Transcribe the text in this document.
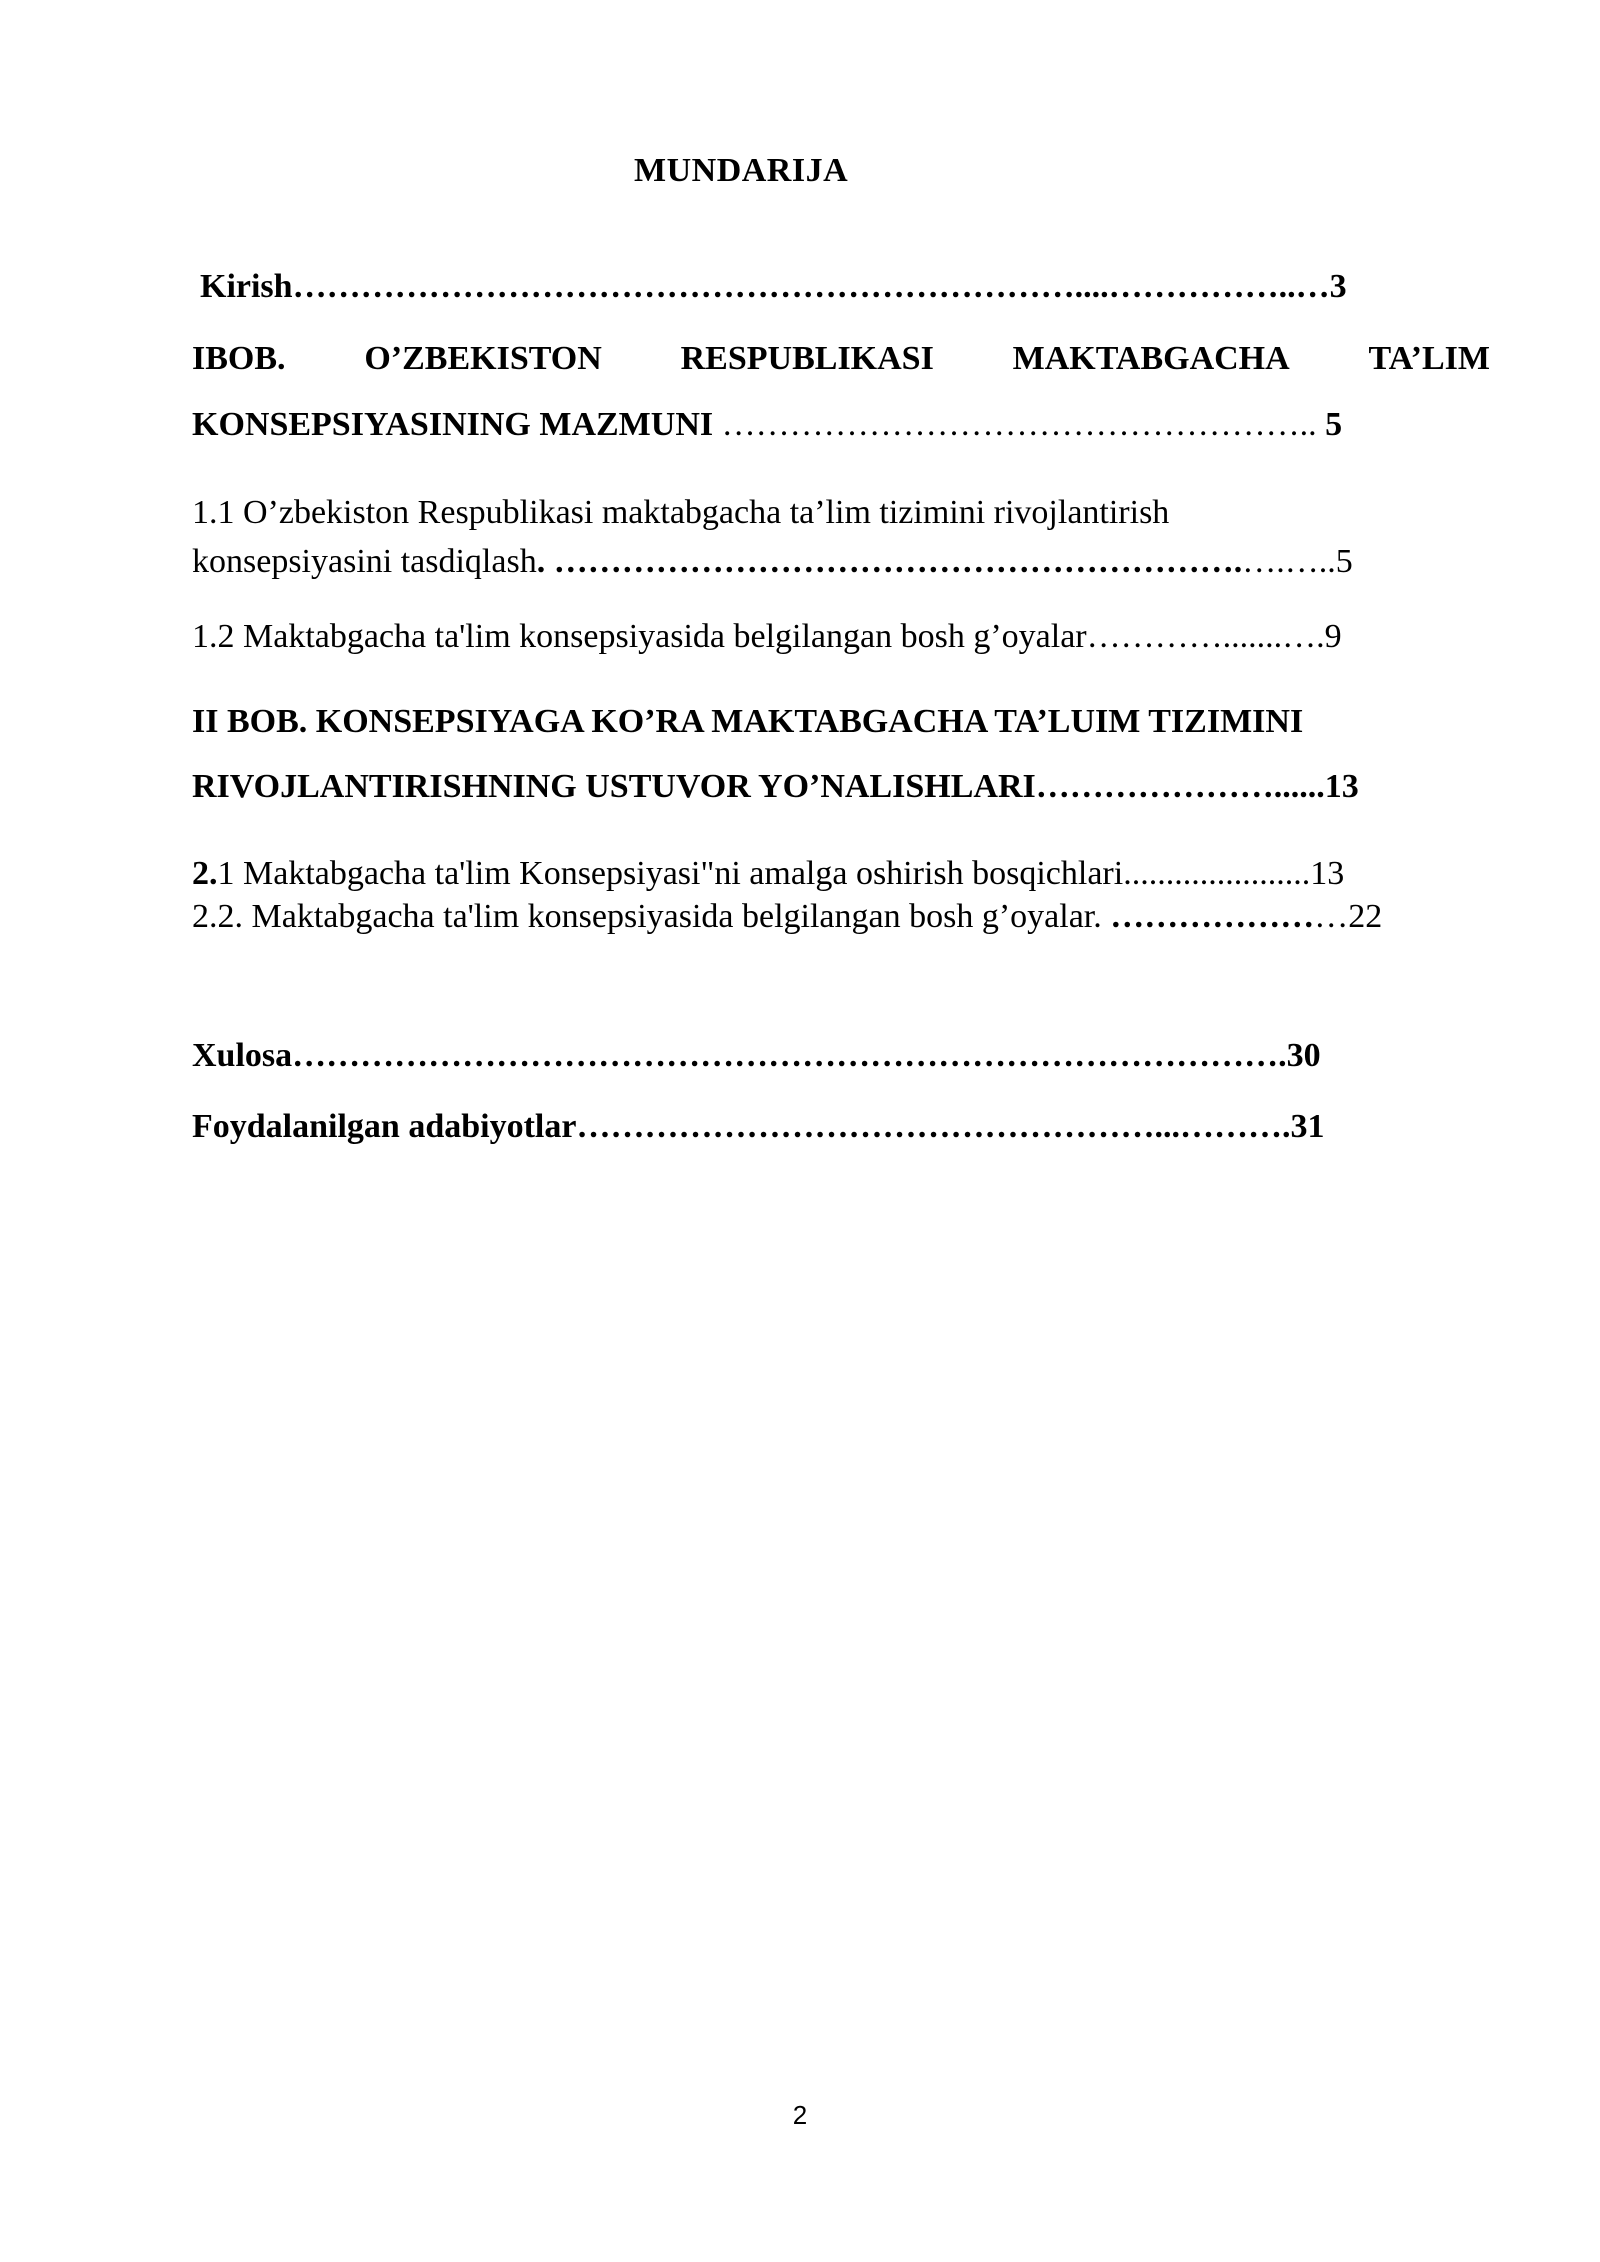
MUNDARIJA
Kirish……………………………………………………………....……………..…3
IBOB. O’ZBEKISTON RESPUBLIKASI MAKTABGACHA TA’LIM
KONSEPSIYASINING MAZMUNI …………………………………………….. 5
1.1 O’zbekiston Respublikasi maktabgacha ta’lim tizimini rivojlantirish
konsepsiyasini tasdiqlash. …………………………………………………….….…..5
1.2 Maktabgacha ta'lim konsepsiyasida belgilangan bosh g’oyalar………….......….9
II BOB. KONSEPSIYAGA KO’RA MAKTABGACHA TA’LUIM TIZIMINI
RIVOJLANTIRISHNING USTUVOR YO’NALISHLARI…………………......13
2.1 Maktabgacha ta'lim Konsepsiyasi"ni amalga oshirish bosqichlari......................13
2.2. Maktabgacha ta'lim konsepsiyasida belgilangan bosh g’oyalar. …………………22
Xulosa…………………………………………………………………………….30
Foydalanilgan adabiyotlar……………………………………………...……….31
2
